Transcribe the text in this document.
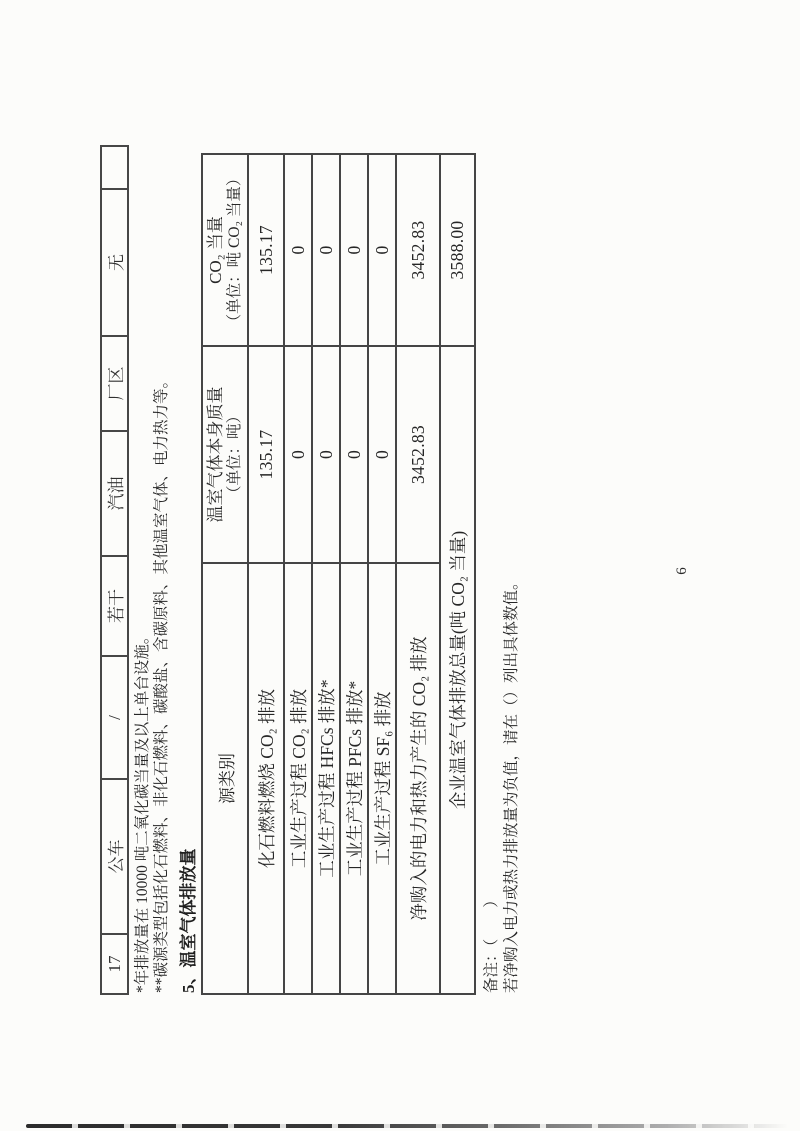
17	公车	/	若干	汽油	厂区	无	

*年排放量在 10000 吨二氧化碳当量及以上单台设施。 **碳源类型包括化石燃料、非化石燃料、碳酸盐、含碳原料、其他温室气体、电力热力等。 5、温室气体排放量

源类别	温室气体本身质量 （单位：吨）	CO₂ 当量 （单位：吨 CO₂ 当量）

化石燃料燃烧 CO₂ 排放	135.17	135.17
工业生产过程 CO₂ 排放	0	0
工业生产过程 HFCs 排放*	0	0
工业生产过程 PFCs 排放*	0	0
工业生产过程 SF₆ 排放	0	0
净购入的电力和热力产生的 CO₂ 排放	3452.83	3452.83
企业温室气体排放总量(吨 CO₂ 当量)		3588.00

备注：（　　） 若净购入电力或热力排放量为负值，请在（）列出具体数值。

6
